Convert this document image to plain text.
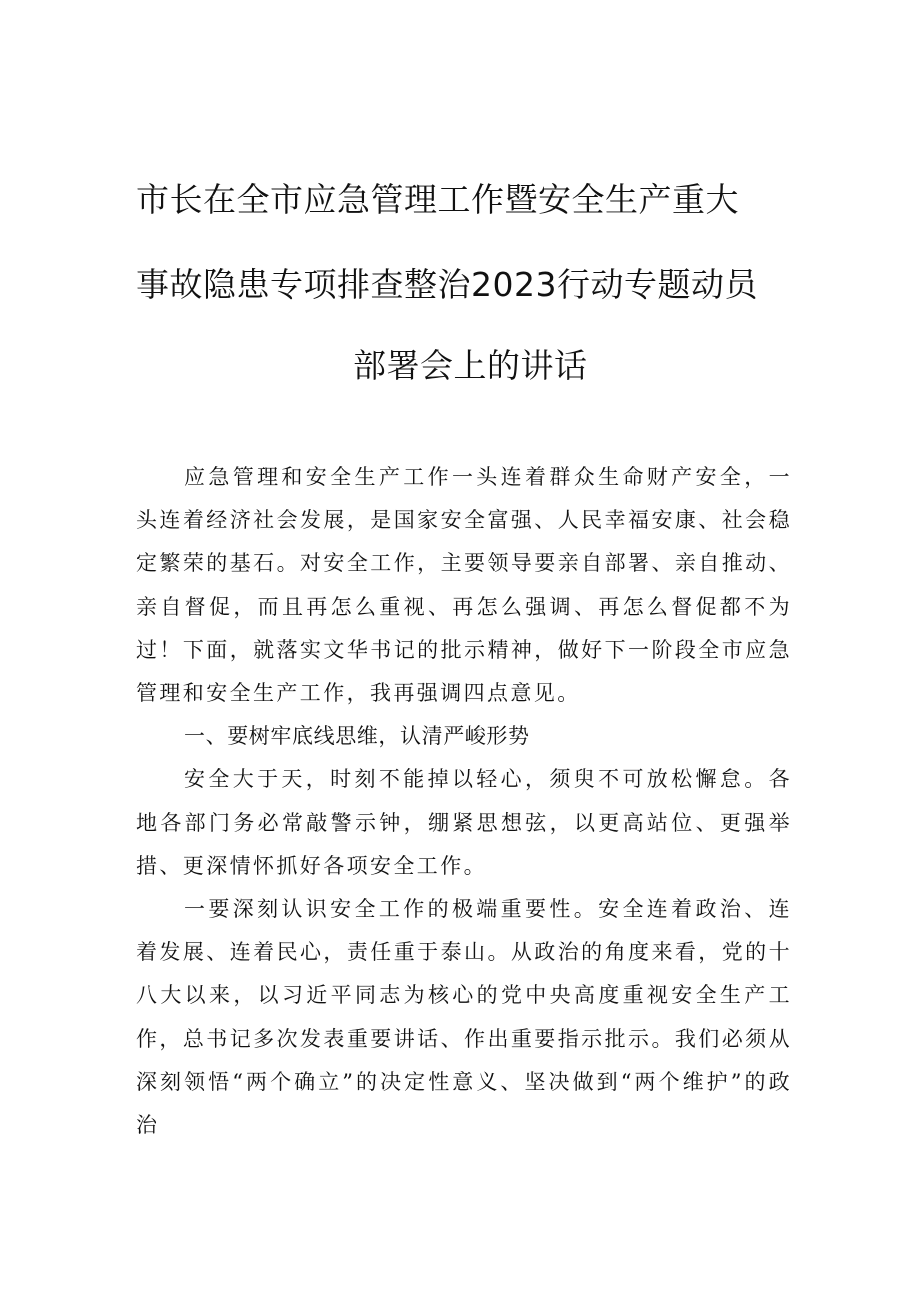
市长在全市应急管理工作暨安全生产重大
事故隐患专项排查整治2023行动专题动员
部署会上的讲话

应急管理和安全生产工作一头连着群众生命财产安全，一头连着经济社会发展，是国家安全富强、人民幸福安康、社会稳定繁荣的基石。对安全工作，主要领导要亲自部署、亲自推动、亲自督促，而且再怎么重视、再怎么强调、再怎么督促都不为过！下面，就落实文华书记的批示精神，做好下一阶段全市应急管理和安全生产工作，我再强调四点意见。

一、要树牢底线思维，认清严峻形势

安全大于天，时刻不能掉以轻心，须臾不可放松懈怠。各地各部门务必常敲警示钟，绷紧思想弦，以更高站位、更强举措、更深情怀抓好各项安全工作。

一要深刻认识安全工作的极端重要性。安全连着政治、连着发展、连着民心，责任重于泰山。从政治的角度来看，党的十八大以来，以习近平同志为核心的党中央高度重视安全生产工作，总书记多次发表重要讲话、作出重要指示批示。我们必须从深刻领悟“两个确立”的决定性意义、坚决做到“两个维护”的政治
